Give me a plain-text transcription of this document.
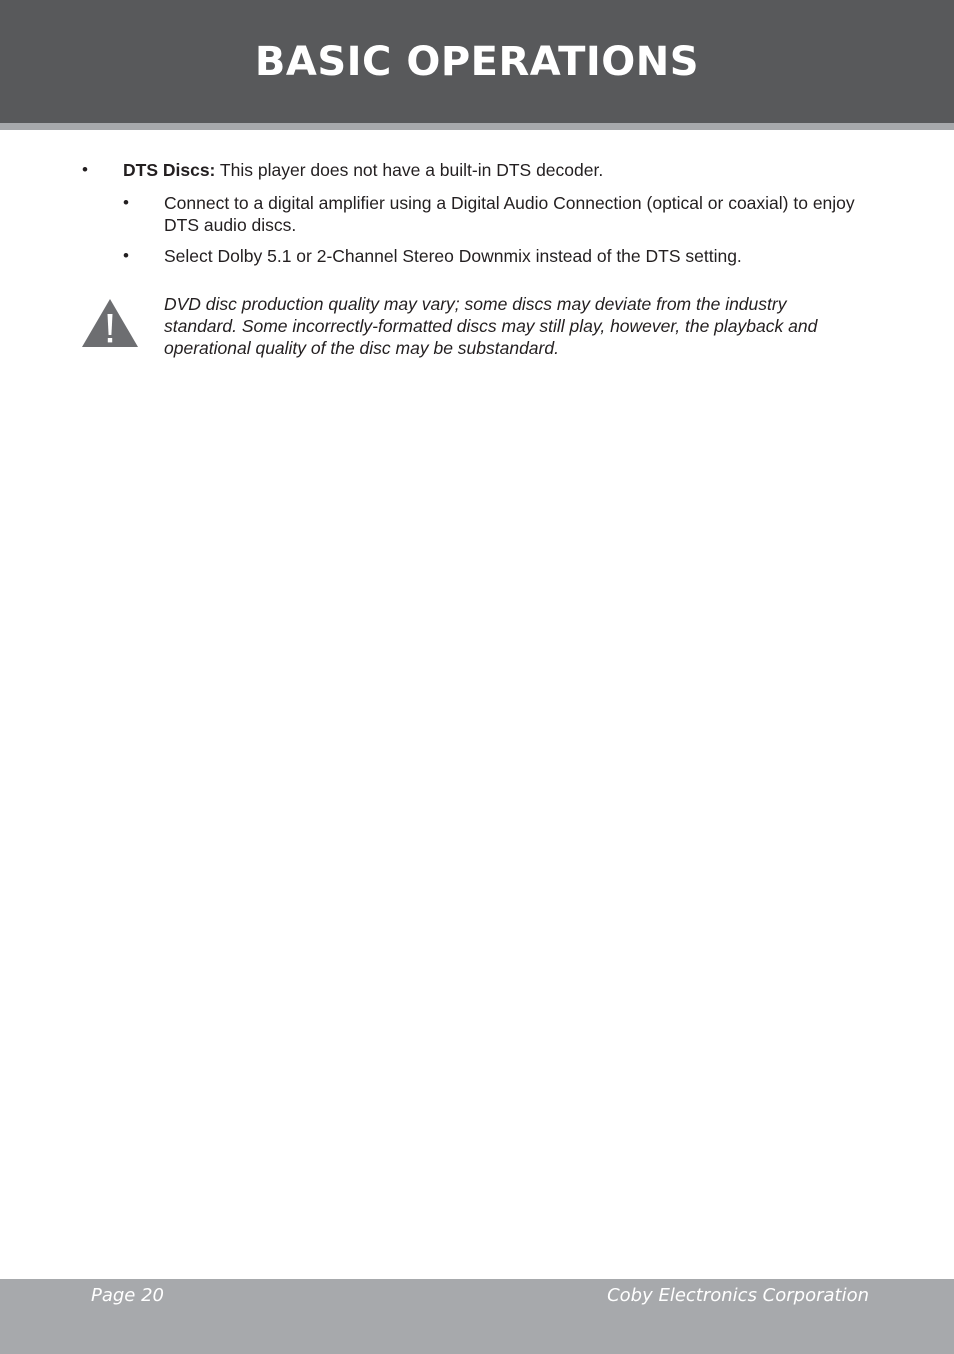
BASIC OPERATIONS
• DTS Discs: This player does not have a built-in DTS decoder.
• Connect to a digital amplifier using a Digital Audio Connection (optical or coaxial) to enjoy DTS audio discs.
• Select Dolby 5.1 or 2-Channel Stereo Downmix instead of the DTS setting.
DVD disc production quality may vary; some discs may deviate from the industry standard. Some incorrectly-formatted discs may still play, however, the playback and operational quality of the disc may be substandard.
Page 20	Coby Electronics Corporation
